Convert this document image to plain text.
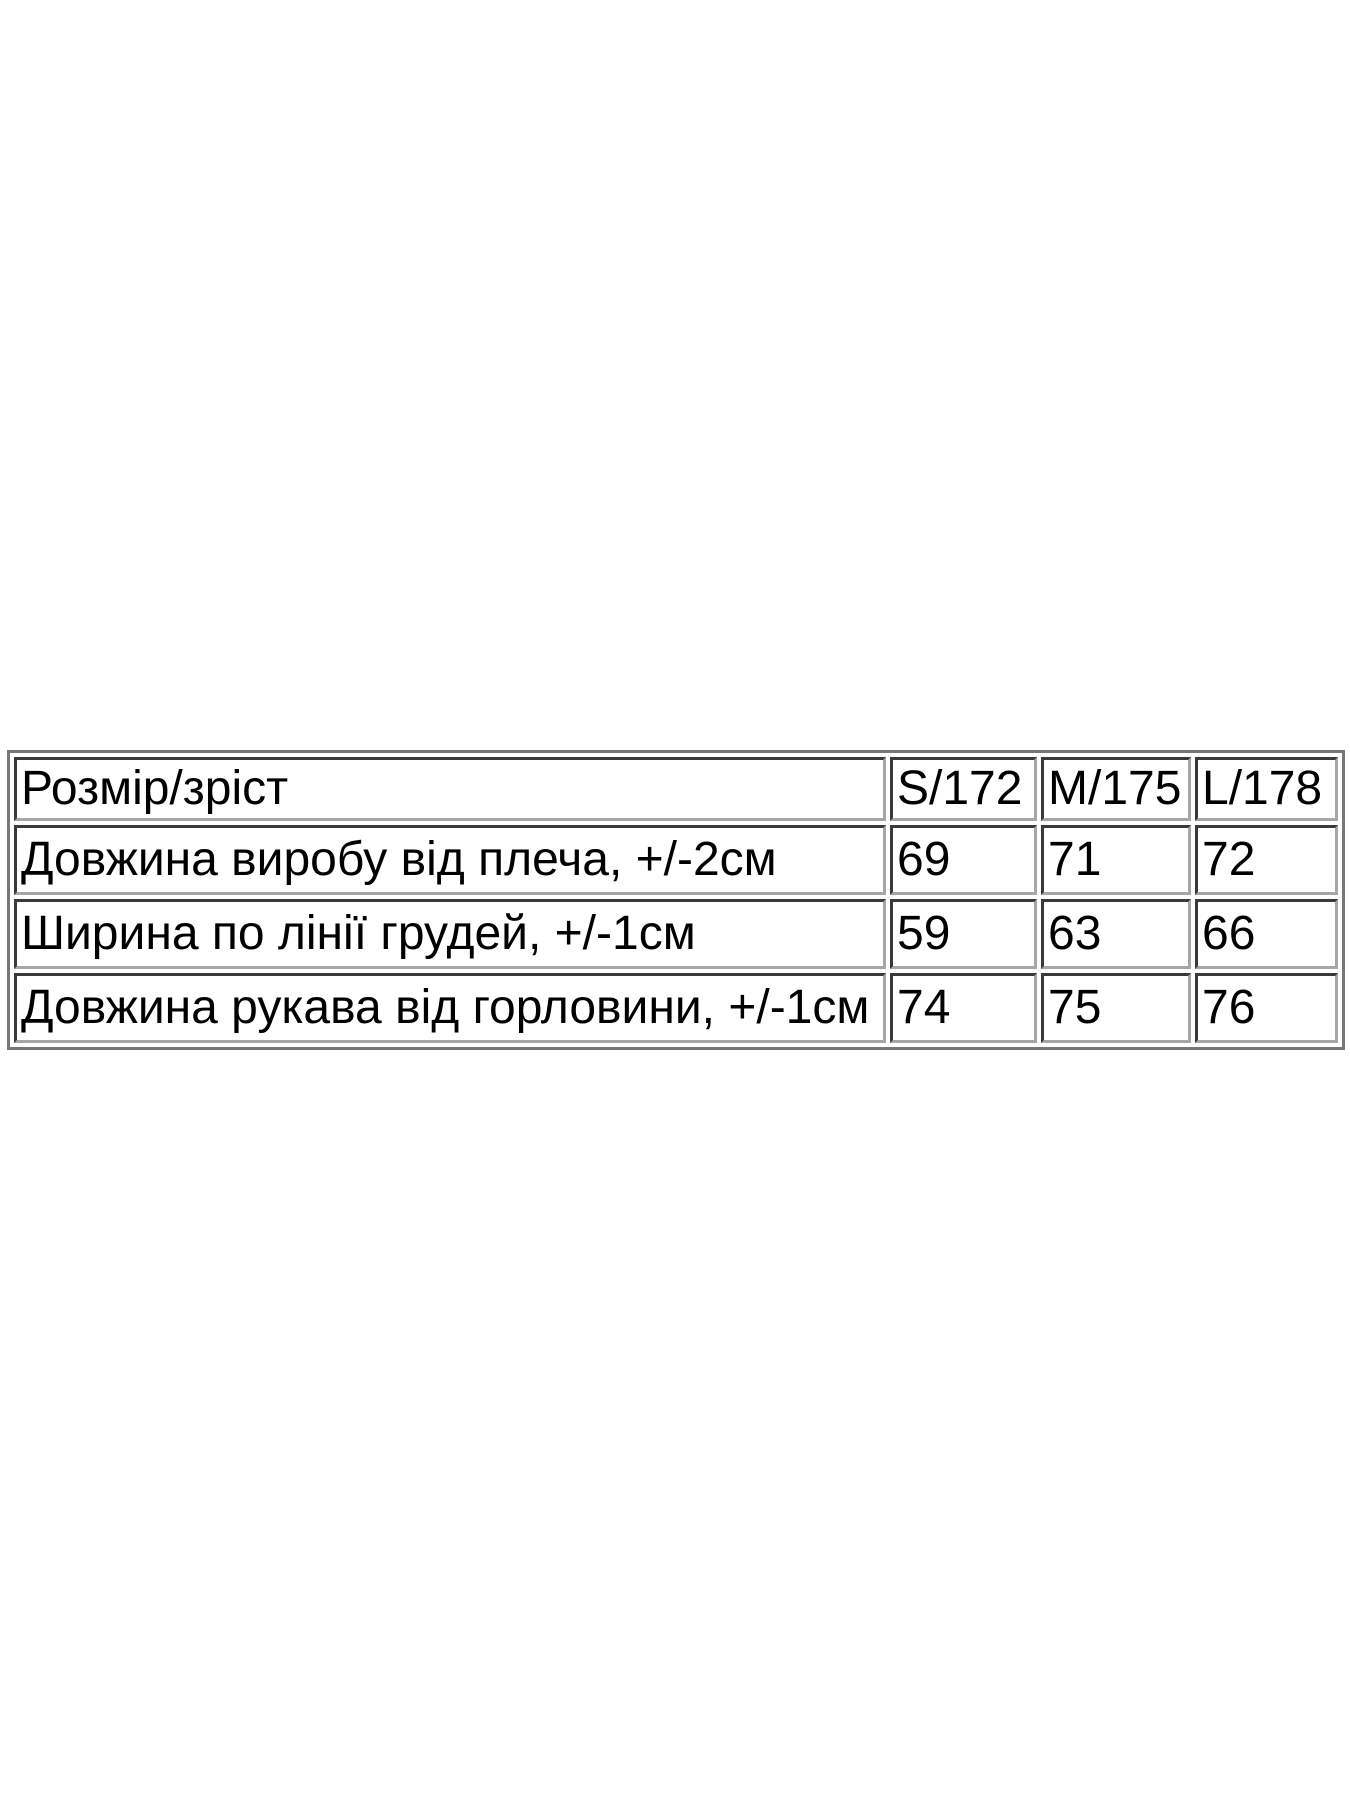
Розмір/зріст	S/172	M/175	L/178
Довжина виробу від плеча, +/-2см	69	71	72
Ширина по лінії грудей, +/-1см	59	63	66
Довжина рукава від горловини, +/-1см	74	75	76
